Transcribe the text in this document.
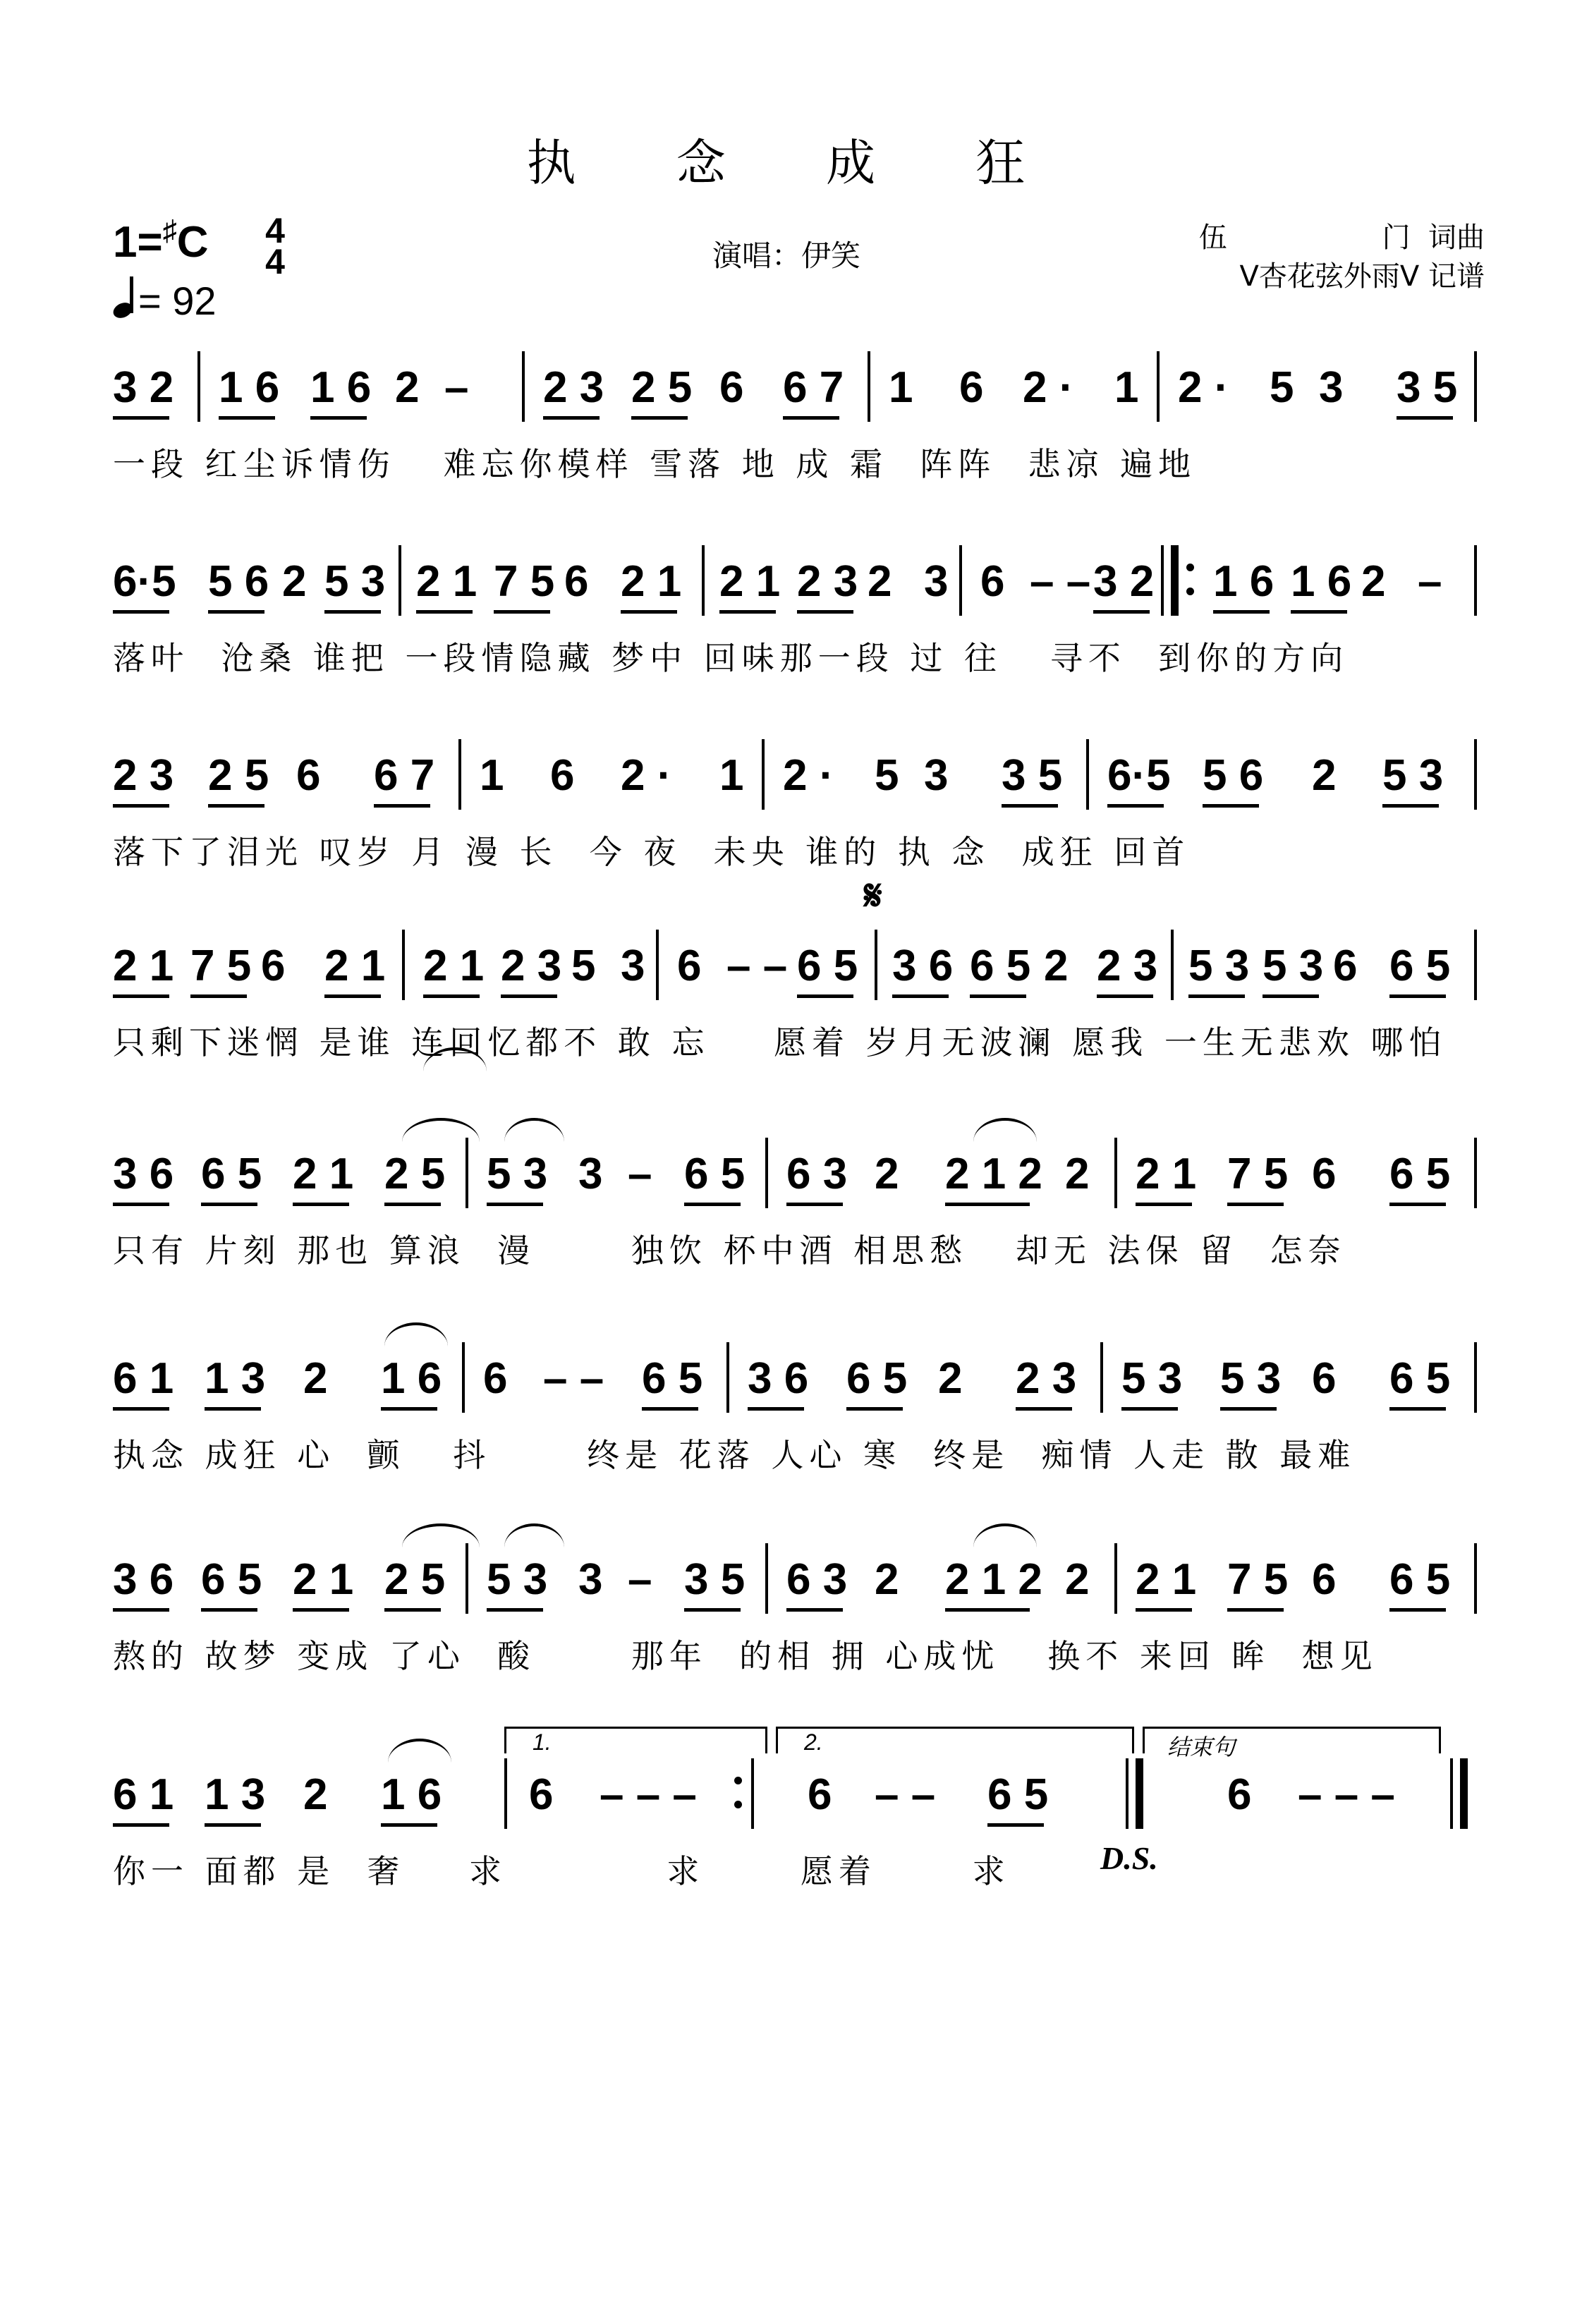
执 念 成 狂
1=♯C 4
4
= 92
演唱：伊笑
伍	门 词曲
V杏花弦外雨V 记谱
3 2 1 6 1 6 2 – 2 3 2 5 6 6 7 1 6 2 · 1 2 · 5 3 3 5
一段 红尘诉情伤   难忘你模样 雪落 地 成 霜  阵阵  悲凉 遍地
6·5 5 6 2 5 3 2 1 7 5 6 2 1 2 1 2 3 2 3 6 – – 3 2 1 6 1 6 2 –
落叶  沧桑 谁把 一段情隐藏 梦中 回味那一段 过 往   寻不  到你的方向
2 3 2 5 6 6 7 1 6 2 · 1 2 · 5 3 3 5 6·5 5 6 2 5 3
落下了泪光 叹岁 月 漫 长  今 夜  未央 谁的 执 念  成狂 回首
2 1 7 5 6 2 1 2 1 2 3 5 3 6 – – 6 5 3 6 6 5 2 2 3 5 3 5 3 6 6 5
只剩下迷惘 是谁 连回忆都不 敢 忘    愿着 岁月无波澜 愿我 一生无悲欢 哪怕
3 6 6 5 2 1 2 5 5 3 3 – 6 5 6 3 2 2 1 2 2 2 1 7 5 6 6 5
只有 片刻 那也 算浪  漫      独饮 杯中酒 相思愁   却无 法保 留  怎奈
6 1 1 3 2 1 6 6 – – 6 5 3 6 6 5 2 2 3 5 3 5 3 6 6 5
执念 成狂 心  颤   抖      终是 花落 人心 寒  终是  痴情 人走 散 最难
3 6 6 5 2 1 2 5 5 3 3 – 3 5 6 3 2 2 1 2 2 2 1 7 5 6 6 5
熬的 故梦 变成 了心  酸      那年  的相 拥 心成忧   换不 来回 眸  想见
6 1 1 3 2 1 6 6 – – –	6 – – 6 5	6 – – –
你一 面都 是  奢    求          求      愿着      求
𝄋
1.	2.	结束句
D.S.
